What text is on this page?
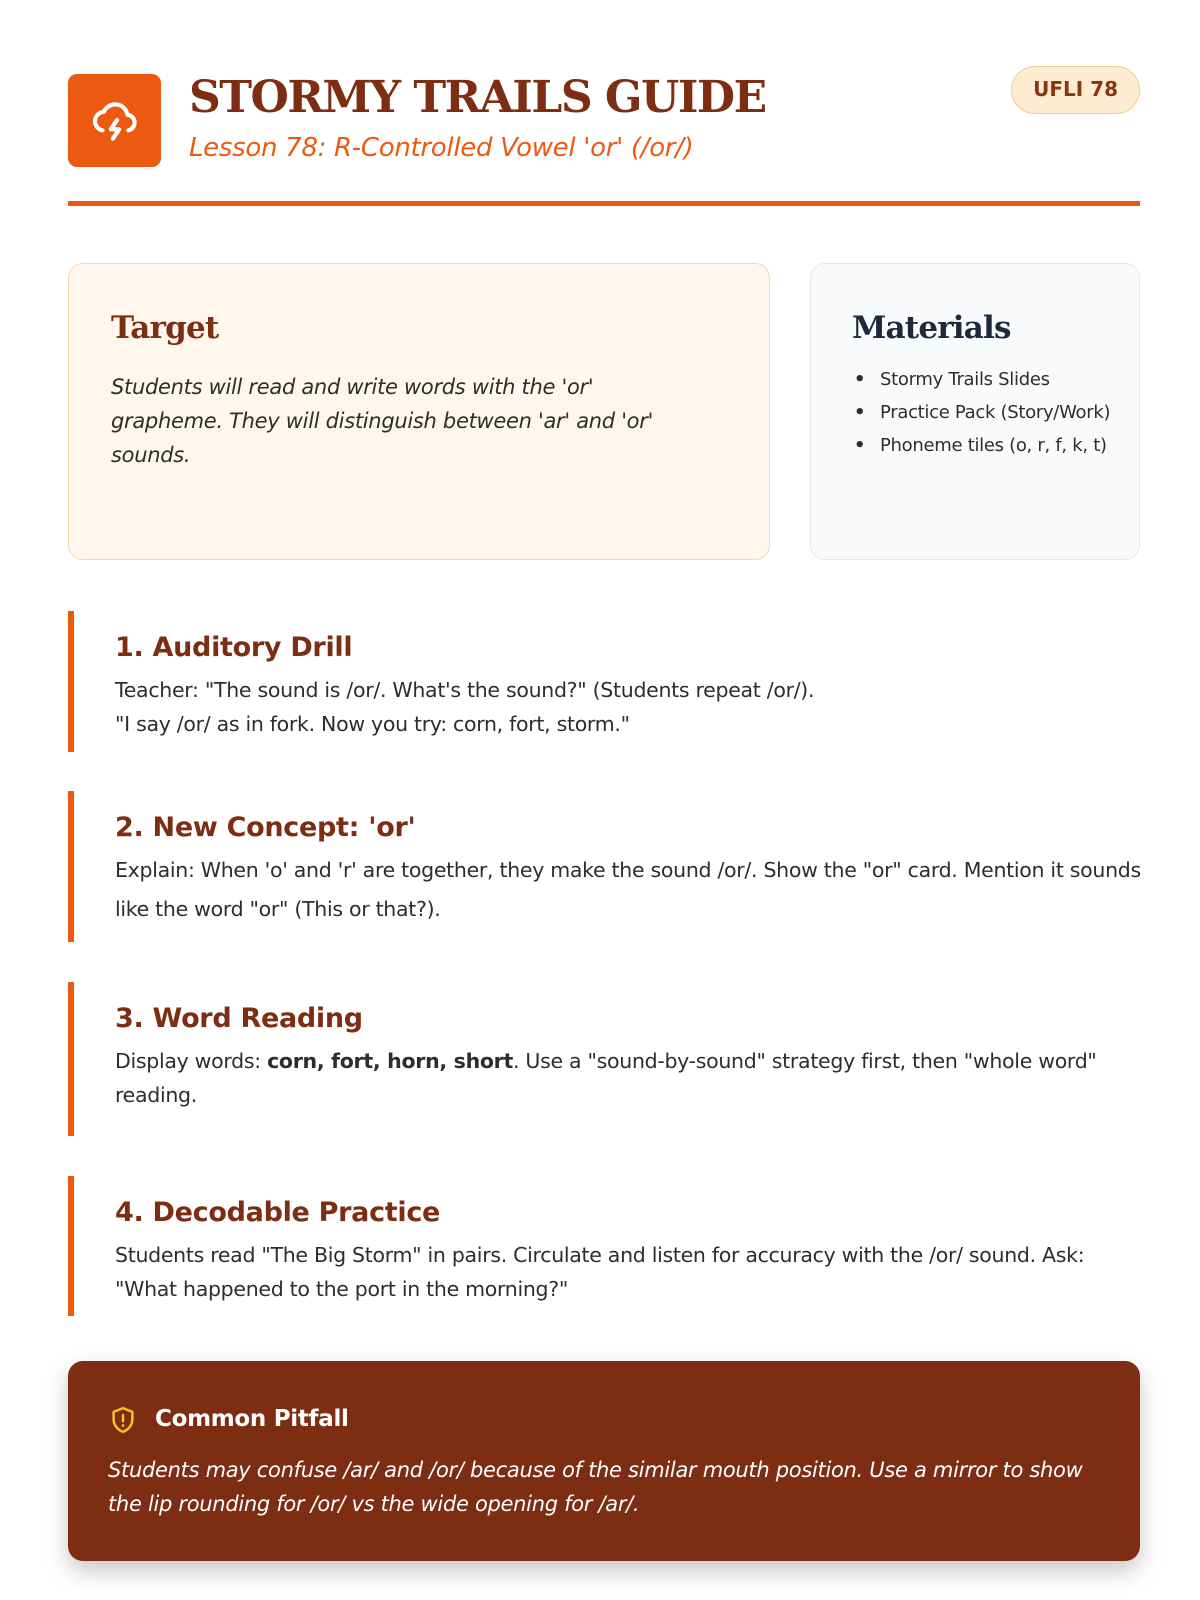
STORMY TRAILS GUIDE
Lesson 78: R-Controlled Vowel 'or' (/or/)
UFLI 78
Target
Students will read and write words with the 'or' grapheme. They will distinguish between 'ar' and 'or' sounds.
Materials
• Stormy Trails Slides
• Practice Pack (Story/Work)
• Phoneme tiles (o, r, f, k, t)
1. Auditory Drill

Teacher: "The sound is /or/. What's the sound?" (Students repeat /or/).

"I say /or/ as in fork. Now you try: corn, fort, storm."

2. New Concept: 'or'

Explain: When 'o' and 'r' are together, they make the sound /or/. Show the "or" card. Mention it sounds like the word "or" (This or that?).

3. Word Reading

Display words: corn, fort, horn, short. Use a "sound-by-sound" strategy first, then "whole word" reading.

4. Decodable Practice

Students read "The Big Storm" in pairs. Circulate and listen for accuracy with the /or/ sound. Ask: "What happened to the port in the morning?"

Common Pitfall

Students may confuse /ar/ and /or/ because of the similar mouth position. Use a mirror to show the lip rounding for /or/ vs the wide opening for /ar/.
